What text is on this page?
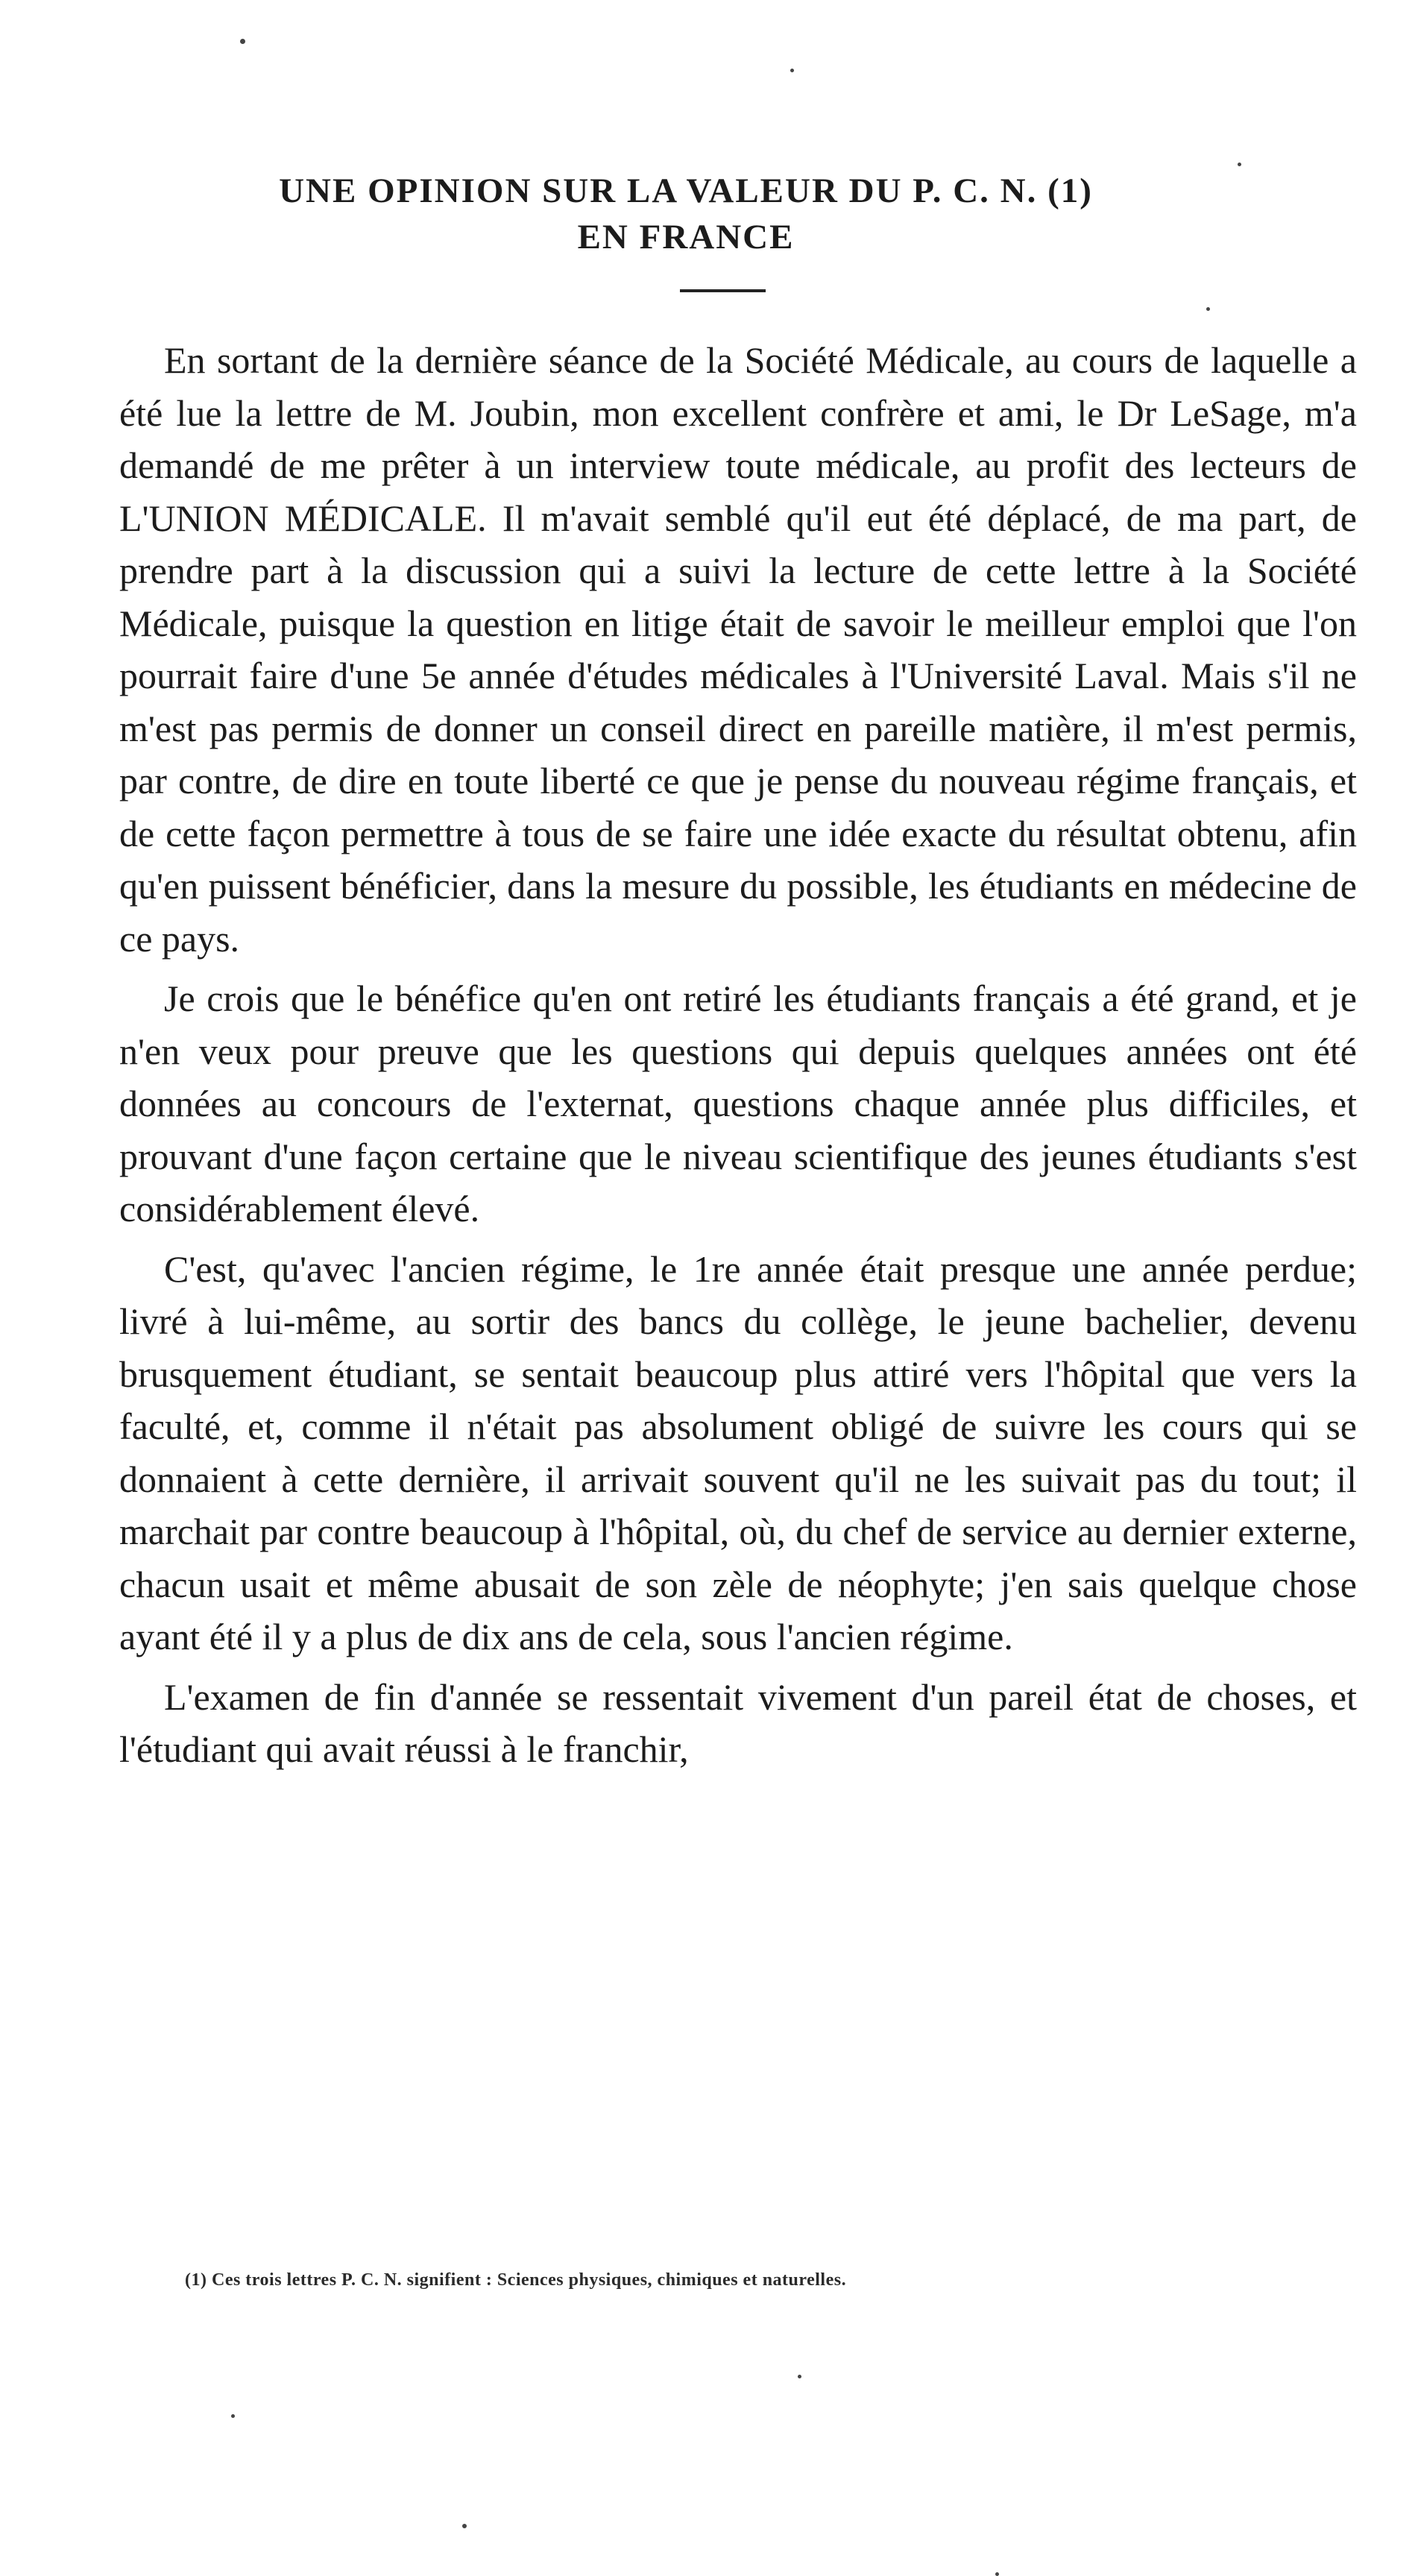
UNE OPINION SUR LA VALEUR DU P. C. N. (1)
EN FRANCE

En sortant de la dernière séance de la Société Médicale, au cours de laquelle a été lue la lettre de M. Joubin, mon excellent confrère et ami, le Dr LeSage, m'a demandé de me prêter à un interview toute médicale, au profit des lecteurs de L'UNION MÉDICALE. Il m'avait semblé qu'il eut été déplacé, de ma part, de prendre part à la discussion qui a suivi la lecture de cette lettre à la Société Médicale, puisque la question en litige était de savoir le meilleur emploi que l'on pourrait faire d'une 5e année d'études médicales à l'Université Laval. Mais s'il ne m'est pas permis de donner un conseil direct en pareille matière, il m'est permis, par contre, de dire en toute liberté ce que je pense du nouveau régime français, et de cette façon permettre à tous de se faire une idée exacte du résultat obtenu, afin qu'en puissent bénéficier, dans la mesure du possible, les étudiants en médecine de ce pays.

Je crois que le bénéfice qu'en ont retiré les étudiants français a été grand, et je n'en veux pour preuve que les questions qui depuis quelques années ont été données au concours de l'externat, questions chaque année plus difficiles, et prouvant d'une façon certaine que le niveau scientifique des jeunes étudiants s'est considérablement élevé.

C'est, qu'avec l'ancien régime, le 1re année était presque une année perdue; livré à lui-même, au sortir des bancs du collège, le jeune bachelier, devenu brusquement étudiant, se sentait beaucoup plus attiré vers l'hôpital que vers la faculté, et, comme il n'était pas absolument obligé de suivre les cours qui se donnaient à cette dernière, il arrivait souvent qu'il ne les suivait pas du tout; il marchait par contre beaucoup à l'hôpital, où, du chef de service au dernier externe, chacun usait et même abusait de son zèle de néophyte; j'en sais quelque chose ayant été il y a plus de dix ans de cela, sous l'ancien régime.

L'examen de fin d'année se ressentait vivement d'un pareil état de choses, et l'étudiant qui avait réussi à le franchir,

(1) Ces trois lettres P. C. N. signifient : Sciences physiques, chimiques et naturelles.
